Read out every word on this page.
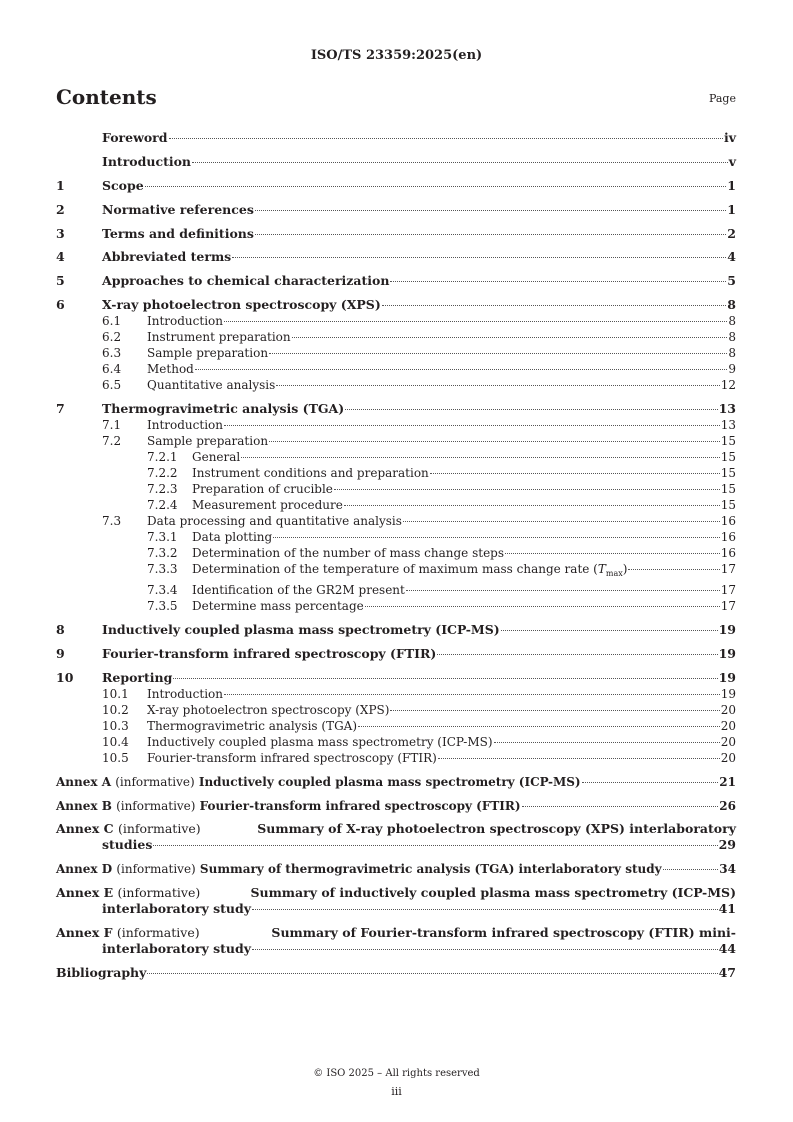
ISO/TS 23359:2025(en)
Contents	Page
Foreword	iv
Introduction	v
1	Scope	1
2	Normative references	1
3	Terms and definitions	2
4	Abbreviated terms	4
5	Approaches to chemical characterization	5
6	X-ray photoelectron spectroscopy (XPS)	8
6.1	Introduction	8
6.2	Instrument preparation	8
6.3	Sample preparation	8
6.4	Method	9
6.5	Quantitative analysis	12
7	Thermogravimetric analysis (TGA)	13
7.1	Introduction	13
7.2	Sample preparation	15
7.2.1	General	15
7.2.2	Instrument conditions and preparation	15
7.2.3	Preparation of crucible	15
7.2.4	Measurement procedure	15
7.3	Data processing and quantitative analysis	16
7.3.1	Data plotting	16
7.3.2	Determination of the number of mass change steps	16
7.3.3	Determination of the temperature of maximum mass change rate $(T_{max})$	17
7.3.4	Identification of the GR2M present	17
7.3.5	Determine mass percentage	17
8	Inductively coupled plasma mass spectrometry (ICP-MS)	19
9	Fourier-transform infrared spectroscopy (FTIR)	19
10	Reporting	19
10.1	Introduction	19
10.2	X-ray photoelectron spectroscopy (XPS)	20
10.3	Thermogravimetric analysis (TGA)	20
10.4	Inductively coupled plasma mass spectrometry (ICP-MS)	20
10.5	Fourier-transform infrared spectroscopy (FTIR)	20
Annex A (informative) Inductively coupled plasma mass spectrometry (ICP-MS)	21
Annex B (informative) Fourier-transform infrared spectroscopy (FTIR)	26
Annex C (informative)	Summary of X-ray photoelectron spectroscopy (XPS) interlaboratory
studies	29
Annex D (informative) Summary of thermogravimetric analysis (TGA) interlaboratory study	34
Annex E (informative)	Summary of inductively coupled plasma mass spectrometry (ICP-MS)
interlaboratory study	41
Annex F (informative)	Summary of Fourier-transform infrared spectroscopy (FTIR) mini-
interlaboratory study	44
Bibliography	47
© ISO 2025 – All rights reserved
iii
